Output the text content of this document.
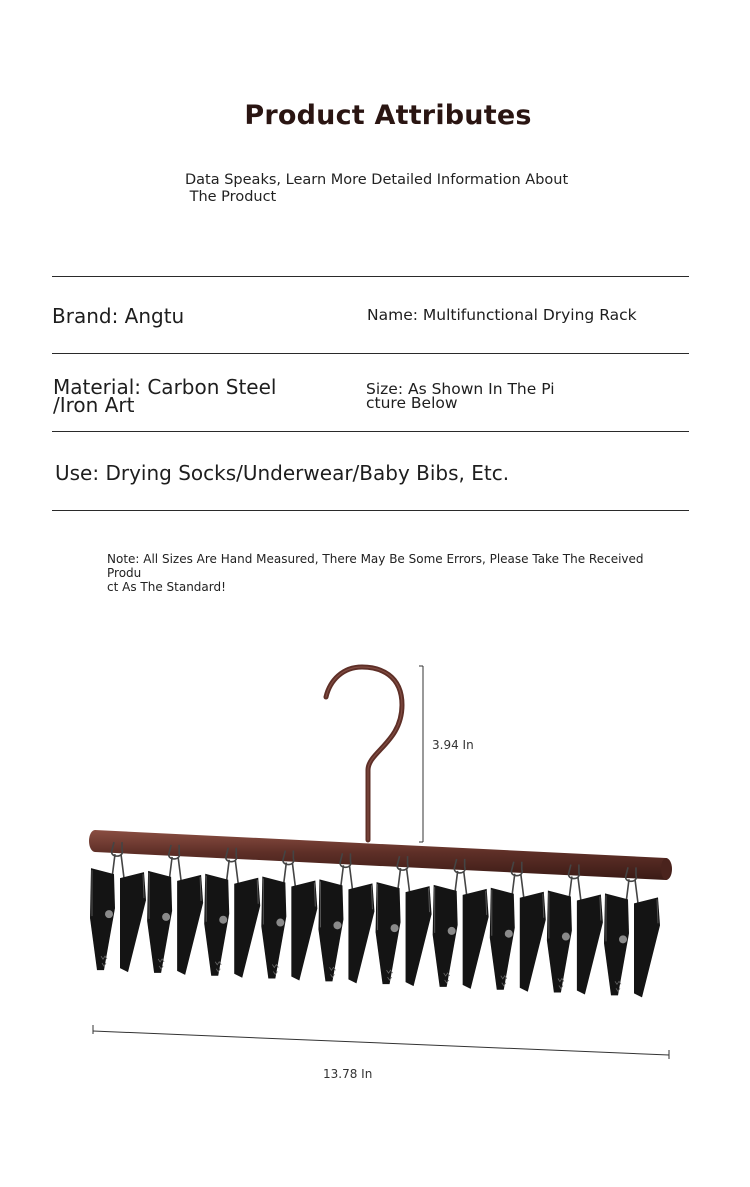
Product Attributes
Data Speaks, Learn More Detailed Information About
The Product
Brand: Angtu	Name: Multifunctional Drying Rack
Material: Carbon Steel
/Iron Art
Size: As Shown In The Pi
cture Below
Use: Drying Socks/Underwear/Baby Bibs, Etc.
Note: All Sizes Are Hand Measured, There May Be Some Errors, Please Take The Received Produ
ct As The Standard!
3.94 In
13.78 In
